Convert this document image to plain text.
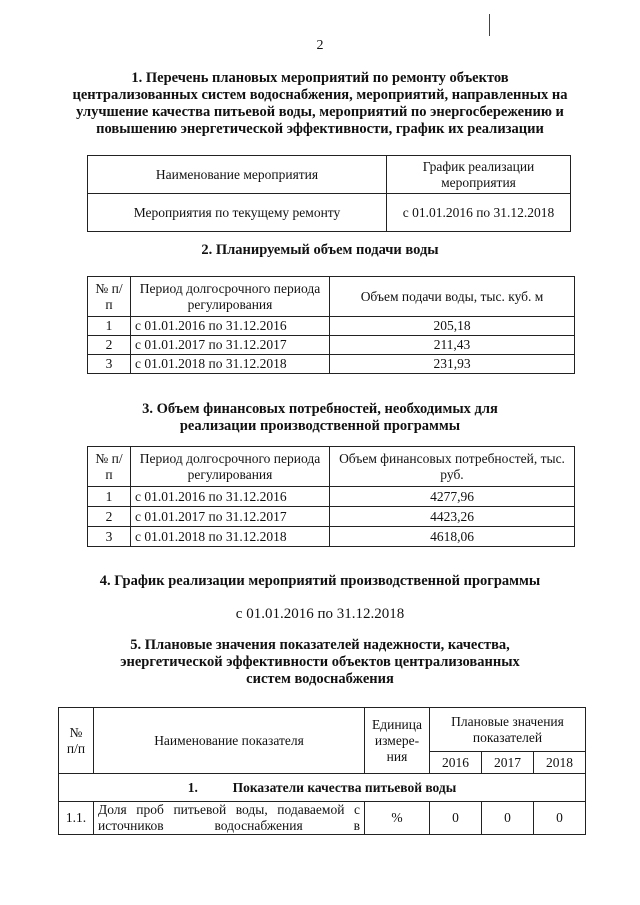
2
1. Перечень плановых мероприятий по ремонту объектов
централизованных систем водоснабжения, мероприятий, направленных на
улучшение качества питьевой воды, мероприятий по энергосбережению и
повышению энергетической эффективности, график их реализации
Наименование мероприятия	График реализации мероприятия
Мероприятия по текущему ремонту	с 01.01.2016 по 31.12.2018
2. Планируемый объем подачи воды
№ п/п	Период долгосрочного периода регулирования	Объем подачи воды, тыс. куб. м
1	с 01.01.2016 по 31.12.2016	205,18
2	с 01.01.2017 по 31.12.2017	211,43
3	с 01.01.2018 по 31.12.2018	231,93
3. Объем финансовых потребностей, необходимых для
реализации производственной программы
№ п/п	Период долгосрочного периода регулирования	Объем финансовых потребностей, тыс. руб.
1	с 01.01.2016 по 31.12.2016	4277,96
2	с 01.01.2017 по 31.12.2017	4423,26
3	с 01.01.2018 по 31.12.2018	4618,06
4. График реализации мероприятий производственной программы
с 01.01.2016 по 31.12.2018
5. Плановые значения показателей надежности, качества,
энергетической эффективности объектов централизованных
систем водоснабжения
№ п/п	Наименование показателя	Единица измере-ния	Плановые значения показателей		
			2016	2017	2018
1. Показатели качества питьевой воды					
1.1.	Доля проб питьевой воды, подаваемой с
источников водоснабжения в	%	0	0	0
